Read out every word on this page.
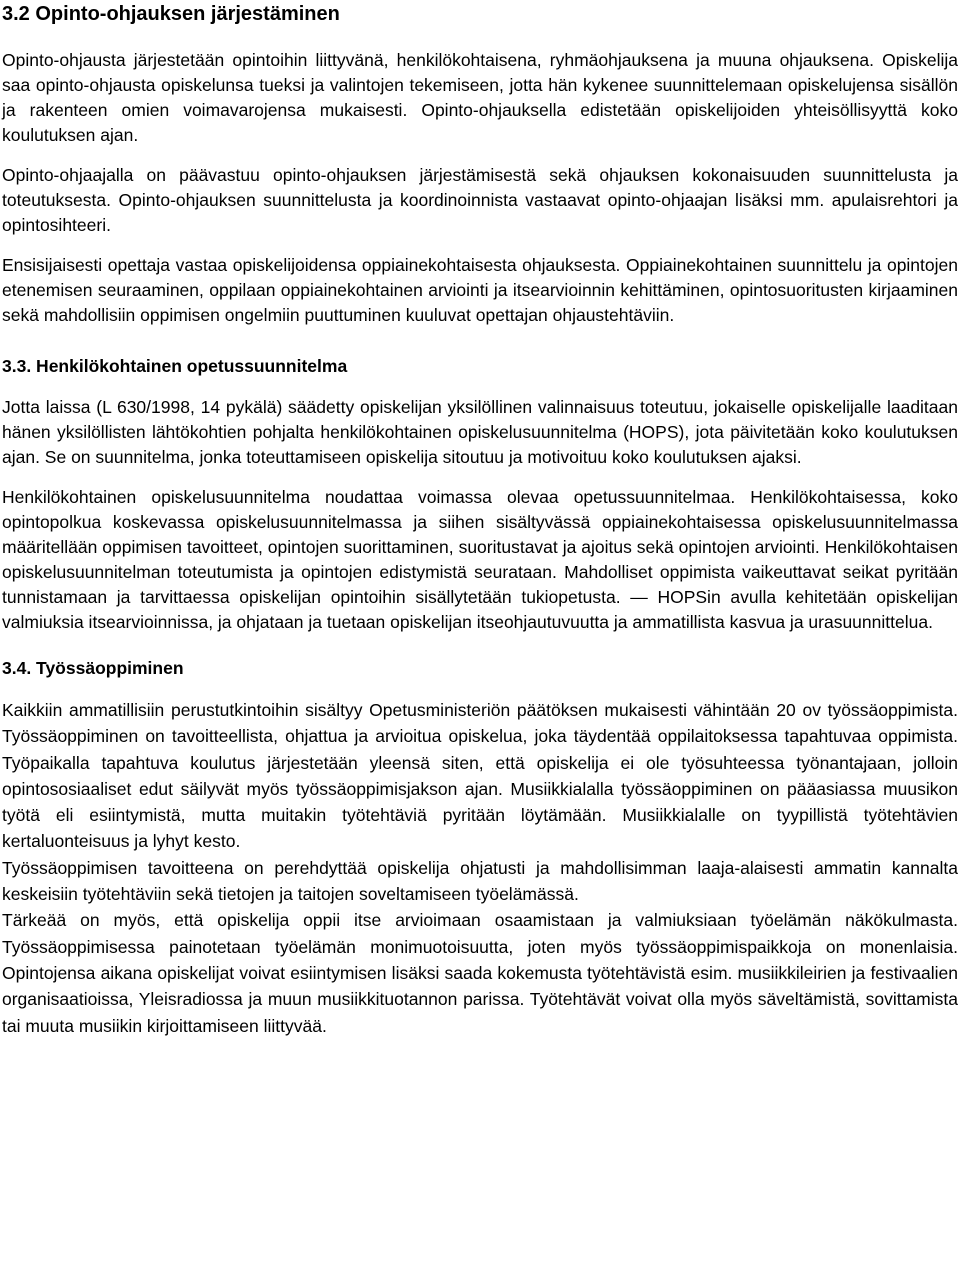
3.2 Opinto-ohjauksen järjestäminen

Opinto-ohjausta järjestetään opintoihin liittyvänä, henkilökohtaisena, ryhmäohjauksena ja muuna ohjauksena. Opiskelija saa opinto-ohjausta opiskelunsa tueksi ja valintojen tekemiseen, jotta hän kykenee suunnittelemaan opiskelujensa sisällön ja rakenteen omien voimavarojensa mukaisesti. Opinto-ohjauksella edistetään opiskelijoiden yhteisöllisyyttä koko koulutuksen ajan.

Opinto-ohjaajalla on päävastuu opinto-ohjauksen järjestämisestä sekä ohjauksen kokonaisuuden suunnittelusta ja toteutuksesta. Opinto-ohjauksen suunnittelusta ja koordinoinnista vastaavat opinto-ohjaajan lisäksi mm. apulaisrehtori ja opintosihteeri.

Ensisijaisesti opettaja vastaa opiskelijoidensa oppiainekohtaisesta ohjauksesta. Oppiainekohtainen suunnittelu ja opintojen etenemisen seuraaminen, oppilaan oppiainekohtainen arviointi ja itsearvioinnin kehittäminen, opintosuoritusten kirjaaminen sekä mahdollisiin oppimisen ongelmiin puuttuminen kuuluvat opettajan ohjaustehtäviin.

3.3. Henkilökohtainen opetussuunnitelma

Jotta laissa (L 630/1998, 14 pykälä) säädetty opiskelijan yksilöllinen valinnaisuus toteutuu, jokaiselle opiskelijalle laaditaan hänen yksilöllisten lähtökohtien pohjalta henkilökohtainen opiskelusuunnitelma (HOPS), jota päivitetään koko koulutuksen ajan. Se on suunnitelma, jonka toteuttamiseen opiskelija sitoutuu ja motivoituu koko koulutuksen ajaksi.

Henkilökohtainen opiskelusuunnitelma noudattaa voimassa olevaa opetussuunnitelmaa. Henkilökohtaisessa, koko opintopolkua koskevassa opiskelusuunnitelmassa ja siihen sisältyvässä oppiainekohtaisessa opiskelusuunnitelmassa määritellään oppimisen tavoitteet, opintojen suorittaminen, suoritustavat ja ajoitus sekä opintojen arviointi. Henkilökohtaisen opiskelusuunnitelman toteutumista ja opintojen edistymistä seurataan. Mahdolliset oppimista vaikeuttavat seikat pyritään tunnistamaan ja tarvittaessa opiskelijan opintoihin sisällytetään tukiopetusta. — HOPSin avulla kehitetään opiskelijan valmiuksia itsearvioinnissa, ja ohjataan ja tuetaan opiskelijan itseohjautuvuutta ja ammatillista kasvua ja urasuunnittelua.

3.4. Työssäoppiminen

Kaikkiin ammatillisiin perustutkintoihin sisältyy Opetusministeriön päätöksen mukaisesti vähintään 20 ov työssäoppimista. Työssäoppiminen on tavoitteellista, ohjattua ja arvioitua opiskelua, joka täydentää oppilaitoksessa tapahtuvaa oppimista. Työpaikalla tapahtuva koulutus järjestetään yleensä siten, että opiskelija ei ole työsuhteessa työnantajaan, jolloin opintososiaaliset edut säilyvät myös työssäoppimisjakson ajan. Musiikkialalla työssäoppiminen on pääasiassa muusikon työtä eli esiintymistä, mutta muitakin työtehtäviä pyritään löytämään. Musiikkialalle on tyypillistä työtehtävien kertaluonteisuus ja lyhyt kesto.

Työssäoppimisen tavoitteena on perehdyttää opiskelija ohjatusti ja mahdollisimman laaja-alaisesti ammatin kannalta keskeisiin työtehtäviin sekä tietojen ja taitojen soveltamiseen työelämässä.

Tärkeää on myös, että opiskelija oppii itse arvioimaan osaamistaan ja valmiuksiaan työelämän näkökulmasta. Työssäoppimisessa painotetaan työelämän monimuotoisuutta, joten myös työssäoppimispaikkoja on monenlaisia. Opintojensa aikana opiskelijat voivat esiintymisen lisäksi saada kokemusta työtehtävistä esim. musiikkileirien ja festivaalien organisaatioissa, Yleisradiossa ja muun musiikkituotannon parissa. Työtehtävät voivat olla myös säveltämistä, sovittamista tai muuta musiikin kirjoittamiseen liittyvää.
